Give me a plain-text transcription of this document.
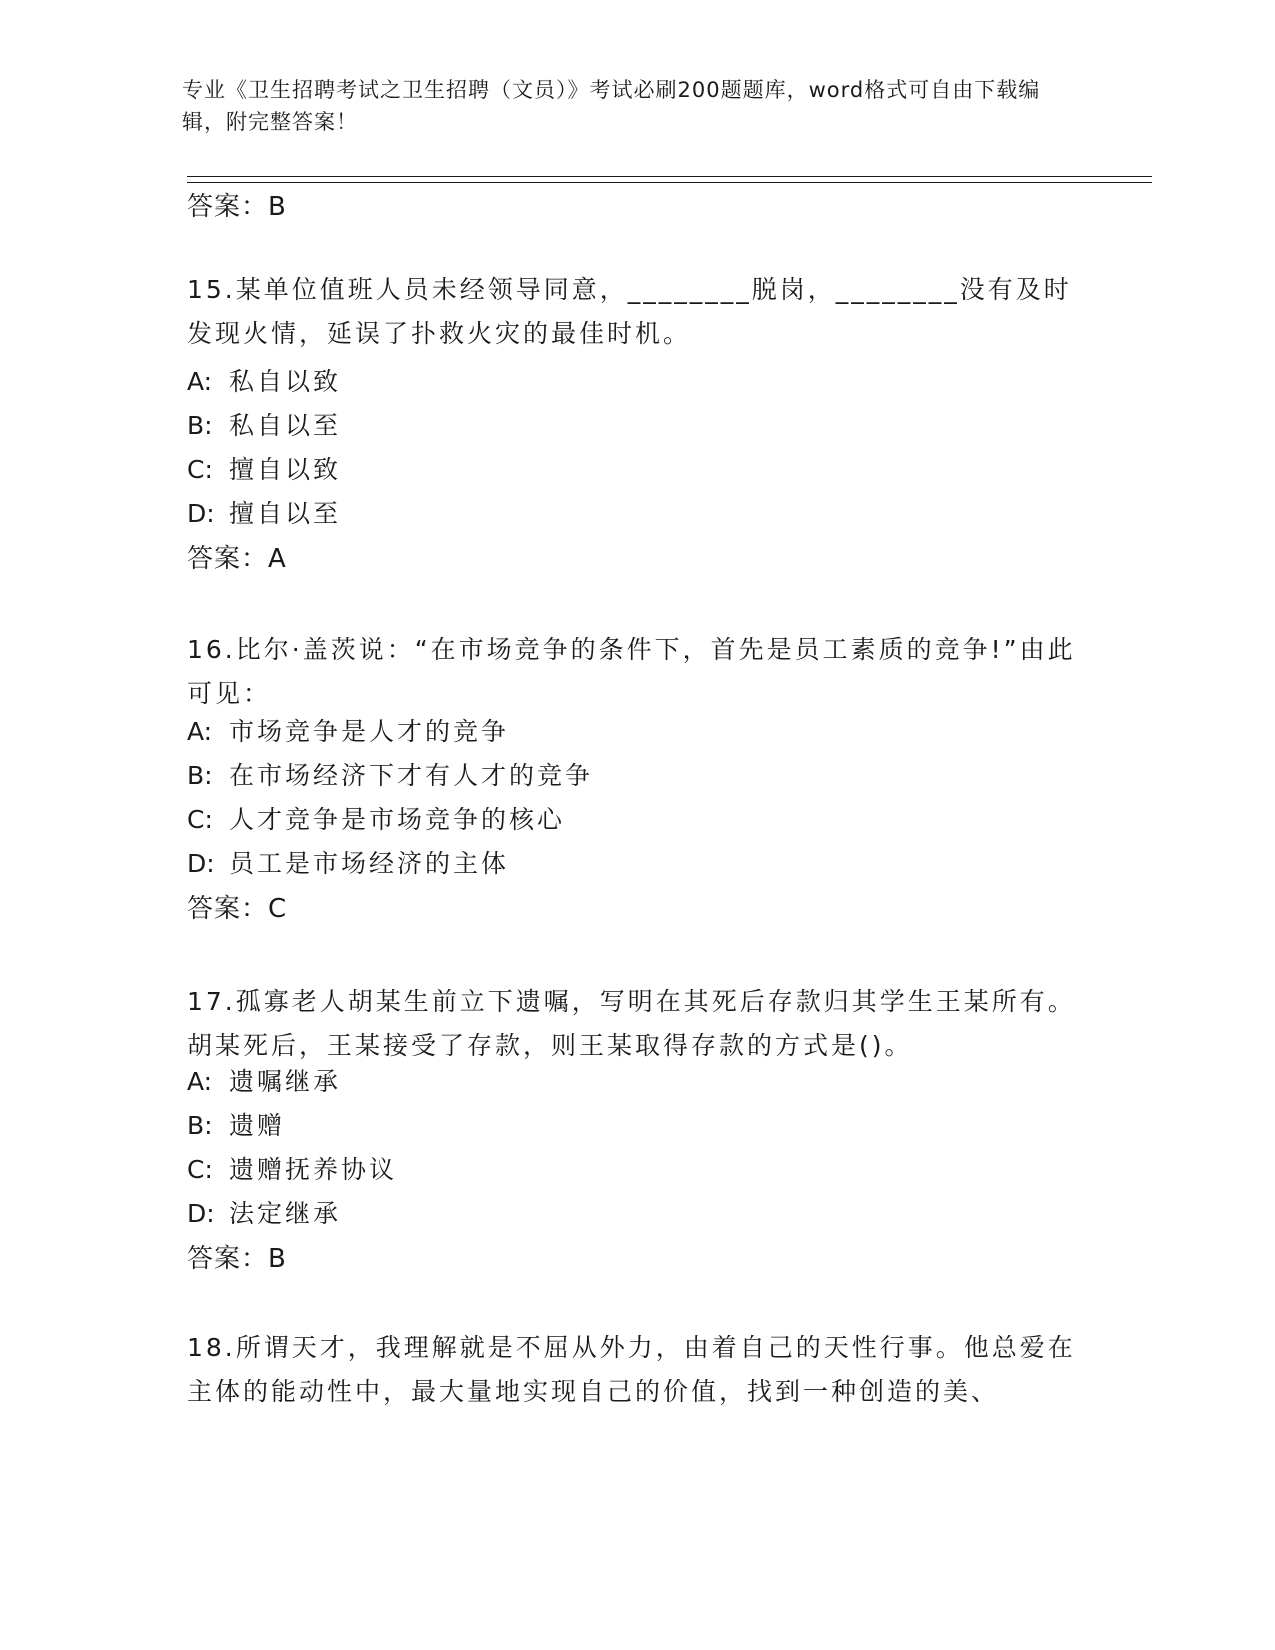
专业《卫生招聘考试之卫生招聘（文员）》考试必刷200题题库，word格式可自由下载编辑，附完整答案！
答案：B
15.某单位值班人员未经领导同意，________脱岗，________没有及时发现火情，延误了扑救火灾的最佳时机。
A: 私自以致
B: 私自以至
C: 擅自以致
D: 擅自以至
答案：A
16.比尔·盖茨说：“在市场竞争的条件下，首先是员工素质的竞争!”由此可见：
A: 市场竞争是人才的竞争
B: 在市场经济下才有人才的竞争
C: 人才竞争是市场竞争的核心
D: 员工是市场经济的主体
答案：C
17.孤寡老人胡某生前立下遗嘱，写明在其死后存款归其学生王某所有。胡某死后，王某接受了存款，则王某取得存款的方式是()。
A: 遗嘱继承
B: 遗赠
C: 遗赠抚养协议
D: 法定继承
答案：B
18.所谓天才，我理解就是不屈从外力，由着自己的天性行事。他总爱在主体的能动性中，最大量地实现自己的价值，找到一种创造的美、
